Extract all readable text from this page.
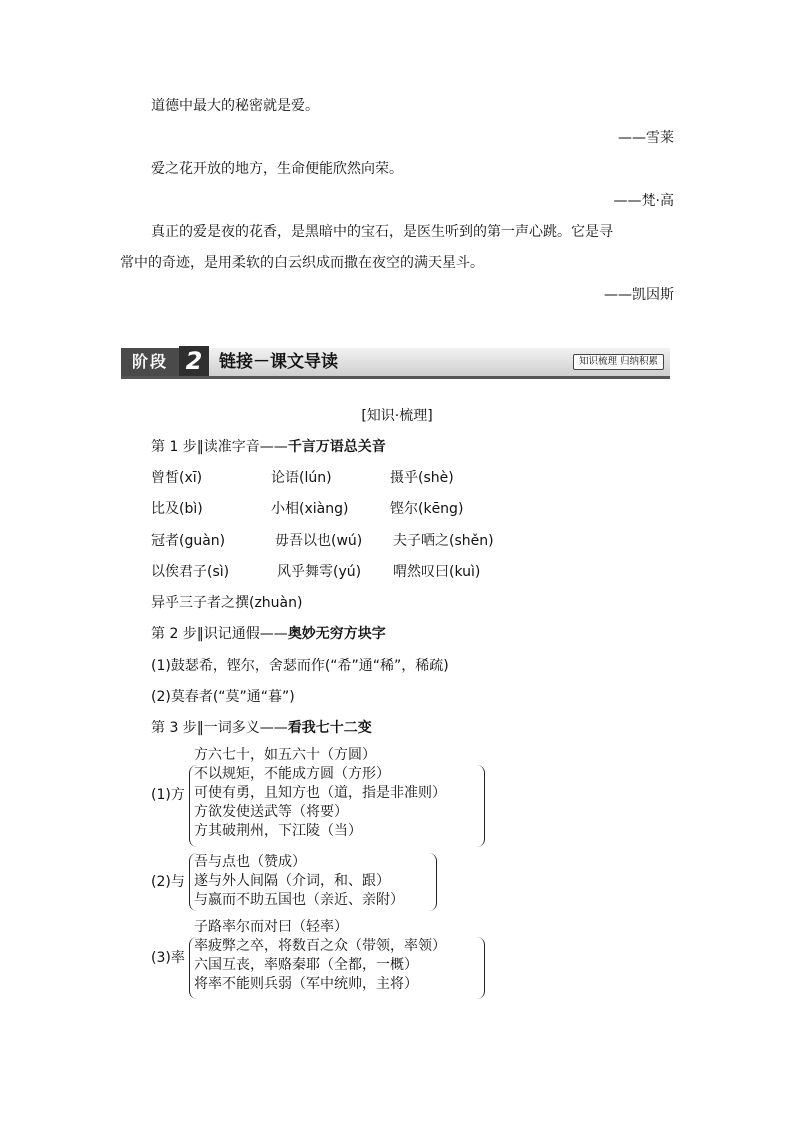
道德中最大的秘密就是爱。
——雪莱
爱之花开放的地方，生命便能欣然向荣。
——梵·高
真正的爱是夜的花香，是黑暗中的宝石，是医生听到的第一声心跳。它是寻
常中的奇迹，是用柔软的白云织成而撒在夜空的满天星斗。
——凯因斯
阶段 2 链接－课文导读	知识梳理 归纳积累
[知识·梳理]
第 1 步‖读准字音——千言万语总关音
曾皙(xī)	论语(lún)	摄乎(shè)
比及(bì)	小相(xiàng)	铿尔(kēng)
冠者(guàn)	毋吾以也(wú) 夫子哂之(shěn)
以俟君子(sì)	风乎舞雩(yú) 喟然叹曰(kuì)
异乎三子者之撰(zhuàn)
第 2 步‖识记通假——奥妙无穷方块字
(1)鼓瑟希，铿尔，舍瑟而作(“希”通“稀”，稀疏)
(2)莫春者(“莫”通“暮”)
第 3 步‖一词多义——看我七十二变
(1)方
方六七十，如五六十（方圆）
不以规矩，不能成方圆（方形）
可使有勇，且知方也（道，指是非准则）
方欲发使送武等（将要）
方其破荆州，下江陵（当）
(2)与
吾与点也（赞成）
遂与外人间隔（介词，和、跟）
与嬴而不助五国也（亲近、亲附）
(3)率
子路率尔而对曰（轻率）
率疲弊之卒，将数百之众（带领，率领）
六国互丧，率赂秦耶（全都，一概）
将率不能则兵弱（军中统帅，主将）
